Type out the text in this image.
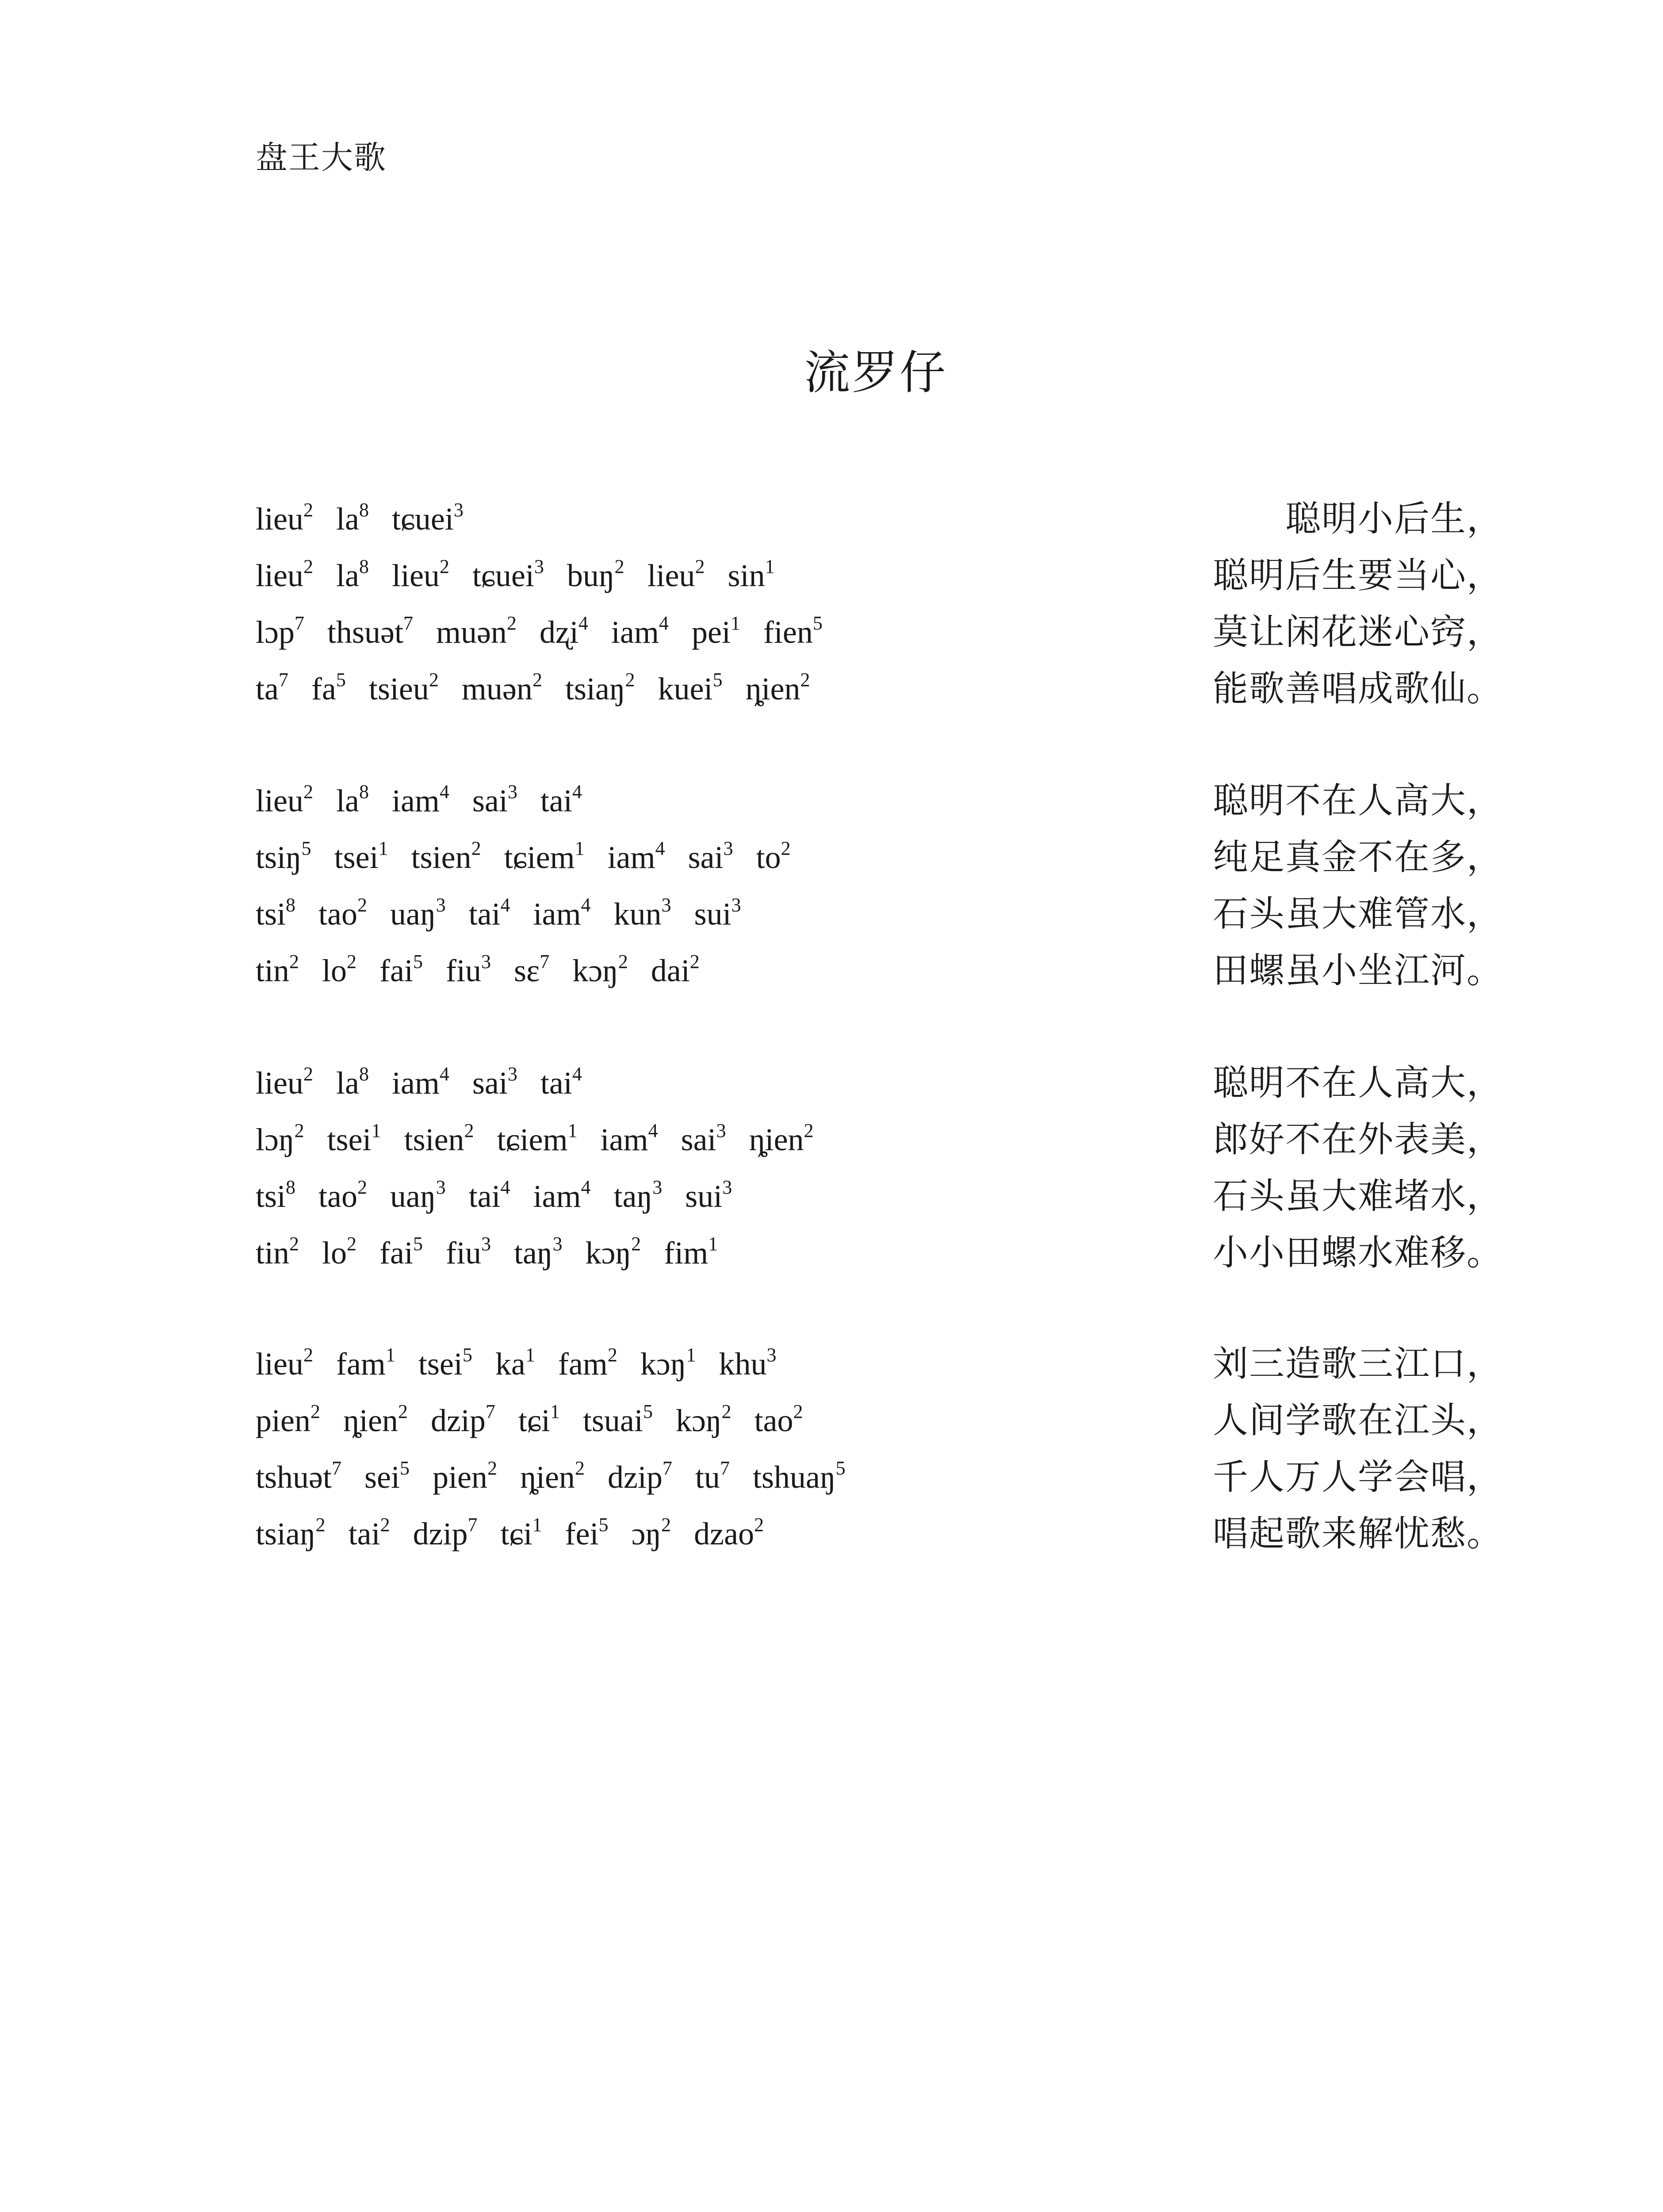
盘王大歌
流罗仔
lieu$^2$ $la^8$ tɕuei$^3$	聪明小后生，
lieu$^2$ $la^8$ lieu$^2$ tɕuei$^3$ buŋ$^2$ lieu$^2$ $\sin^1$	聪明后生要当心，
lɔp$^7$ thsuət$^7$ muən$^2$ dʐi$^4$ iam$^4$ pei$^1$ fien$^5$	莫让闲花迷心窍，
$ta^7$ $fa^5$ tsieu$^2$ muən$^2$ tsiaŋ$^2$ kuei$^5$ ȵien$^2$	能歌善唱成歌仙。
lieu$^2$ $la^8$ iam$^4$ sai$^3$ tai$^4$	聪明不在人高大，
tsiŋ$^5$ tsei$^1$ tsien$^2$ tɕiem$^1$ iam$^4$ sai$^3$ $to^2$	纯足真金不在多，
tsi$^8$ tao$^2$ uaŋ$^3$ tai$^4$ iam$^4$ kun$^3$ sui$^3$	石头虽大难管水，
tin$^2$ $lo^2$ fai$^5$ fiu$^3$ sɛ$^7$ kɔŋ$^2$ dai$^2$	田螺虽小坐江河。
lieu$^2$ $la^8$ iam$^4$ sai$^3$ tai$^4$	聪明不在人高大，
lɔŋ$^2$ tsei$^1$ tsien$^2$ tɕiem$^1$ iam$^4$ sai$^3$ ȵien$^2$	郎好不在外表美，
tsi$^8$ tao$^2$ uaŋ$^3$ tai$^4$ iam$^4$ taŋ$^3$ sui$^3$	石头虽大难堵水，
tin$^2$ $lo^2$ fai$^5$ fiu$^3$ taŋ$^3$ kɔŋ$^2$ fim$^1$	小小田螺水难移。
lieu$^2$ fam$^1$ tsei$^5$ $ka^1$ fam$^2$ kɔŋ$^1$ khu$^3$	刘三造歌三江口，
pien$^2$ ȵien$^2$ dzip$^7$ tɕi$^1$ tsuai$^5$ kɔŋ$^2$ tao$^2$	人间学歌在江头，
tshuət$^7$ sei$^5$ pien$^2$ ȵien$^2$ dzip$^7$ $tu^7$ tshuaŋ$^5$	千人万人学会唱，
tsiaŋ$^2$ tai$^2$ dzip$^7$ tɕi$^1$ fei$^5$ ɔŋ$^2$ dzao$^2$	唱起歌来解忧愁。
